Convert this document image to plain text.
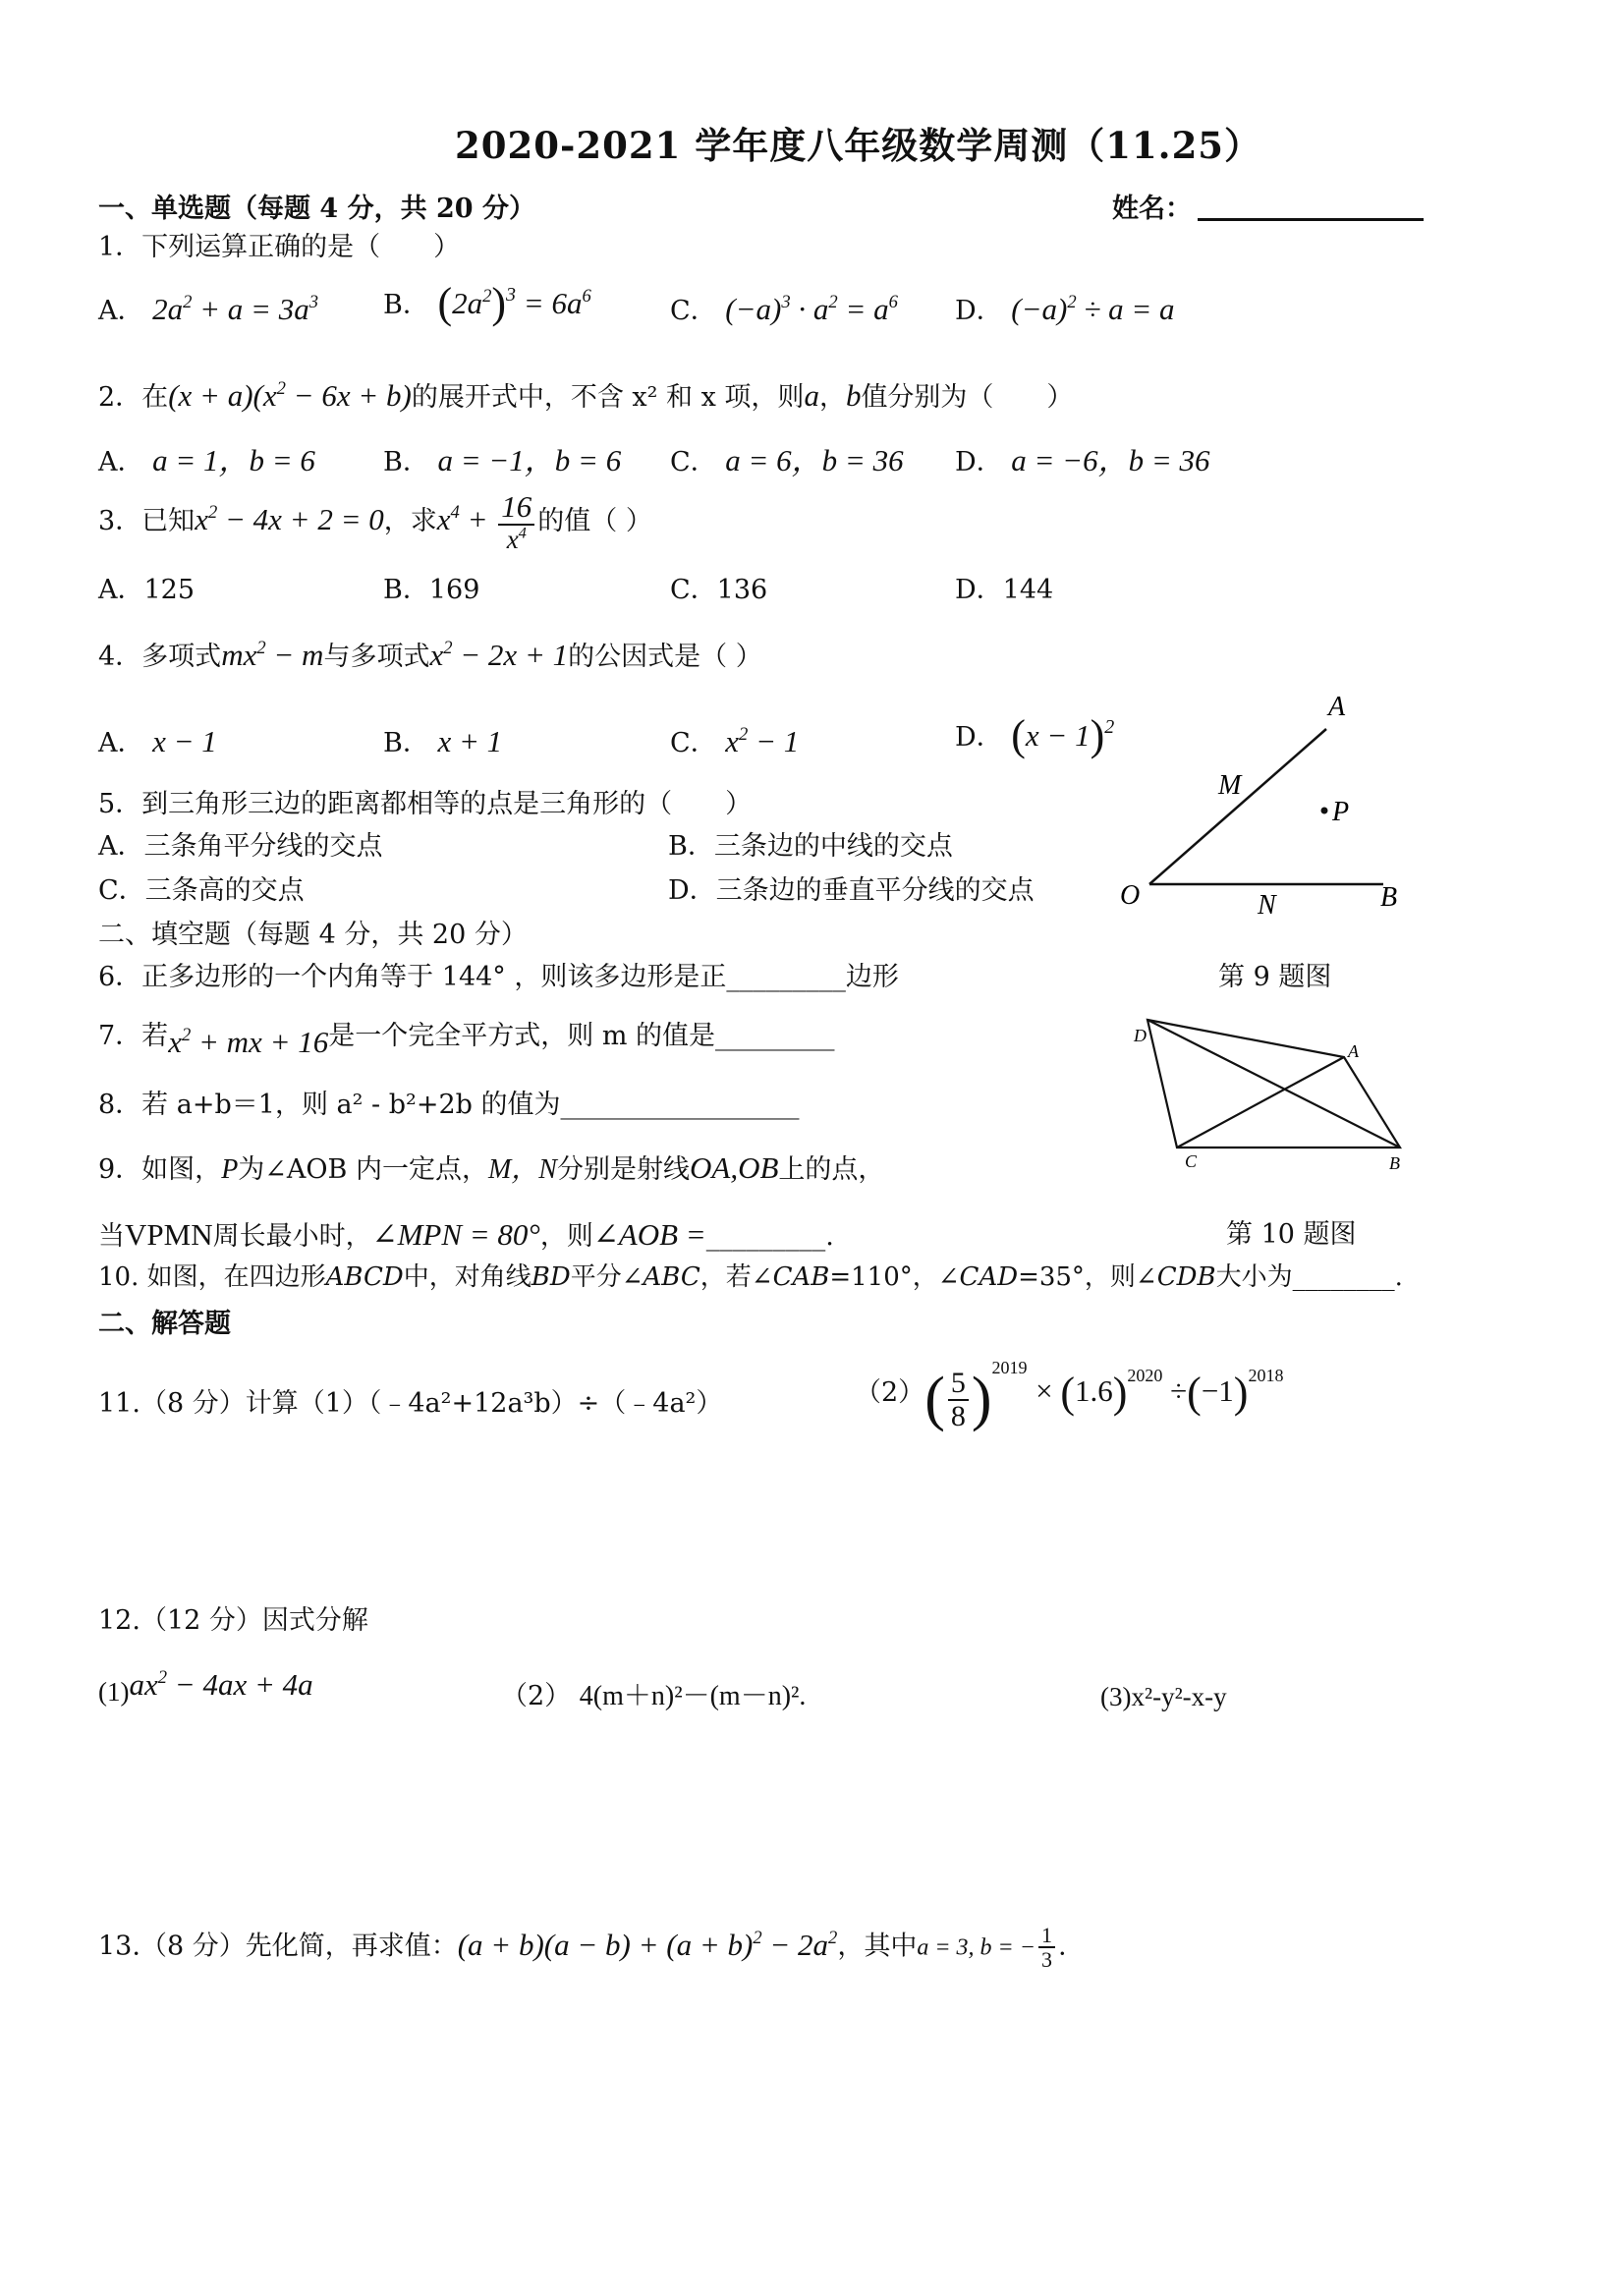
2020-2021 学年度八年级数学周测（11.25）
一、单选题（每题 4 分，共 20 分）	姓名：
1．下列运算正确的是（　　）
A． $2a^2 + a = 3a^3$ B． $(2a^2)^3 = 6a^6$	C． $(-a)^3 \cdot a^2 = a^6$ D． $(-a)^2 \div a = a$
2．在$(x + a)(x^2 - 6x + b)$的展开式中，不含 x² 和 x 项，则a，b值分别为（　　）
A． a = 1，b = 6	B． a = −1，b = 6 C． a = 6，b = 36 D． a = −6，b = 36
3．已知$x^2 - 4x + 2 = 0$，求$x^4 + \frac{16}{x^4}$ 的值（ ）
A．125	B．169	C．136	D．144
4．多项式$mx^2 - m$与多项式$x^2 - 2x + 1$的公因式是（ ）
A． x − 1	B． x + 1	C． $x^2 - 1$	D． $(x - 1)^2$
5．到三角形三边的距离都相等的点是三角形的（　　）
A．三条角平分线的交点	B．三条边的中线的交点
C．三条高的交点	D．三条边的垂直平分线的交点
A
M
P
O	N	B
二、填空题（每题 4 分，共 20 分）
6．正多边形的一个内角等于 144° ，则该多边形是正_________边形	第 9 题图
7．若$x^2$ + mx + 16是一个完全平方式，则 m 的值是_________	D
A
C	B
8．若 a+b＝1，则 a² - b²+2b 的值为__________________
9．如图，P为∠AOB 内一定点，M，N分别是射线OA,OB上的点，
当VPMN周长最小时，∠MPN = 80°，则∠AOB =_________.	第 10 题图
10. 如图，在四边形ABCD中，对角线BD平分∠ABC，若∠CAB=110°，∠CAD=35°，则∠CDB大小为________.
二、解答题
11.（8 分）计算（1）（﹣4a²+12a³b）÷（﹣4a²）	$(2)( \frac{5}{8} )^{2019} \times (1.6)^{2020} \div(-1)^{2018}$
12.（12 分）因式分解
$(1)ax^2 - 4ax + 4a$	（2） 4(m＋n)²－(m－n)².	(3)x²-y²-x-y
13.（8 分）先化简，再求值：$(a + b)(a - b) + (a + b)^2 - 2a^2$，其中a = 3, b = − $\frac{1}{3}$ .
